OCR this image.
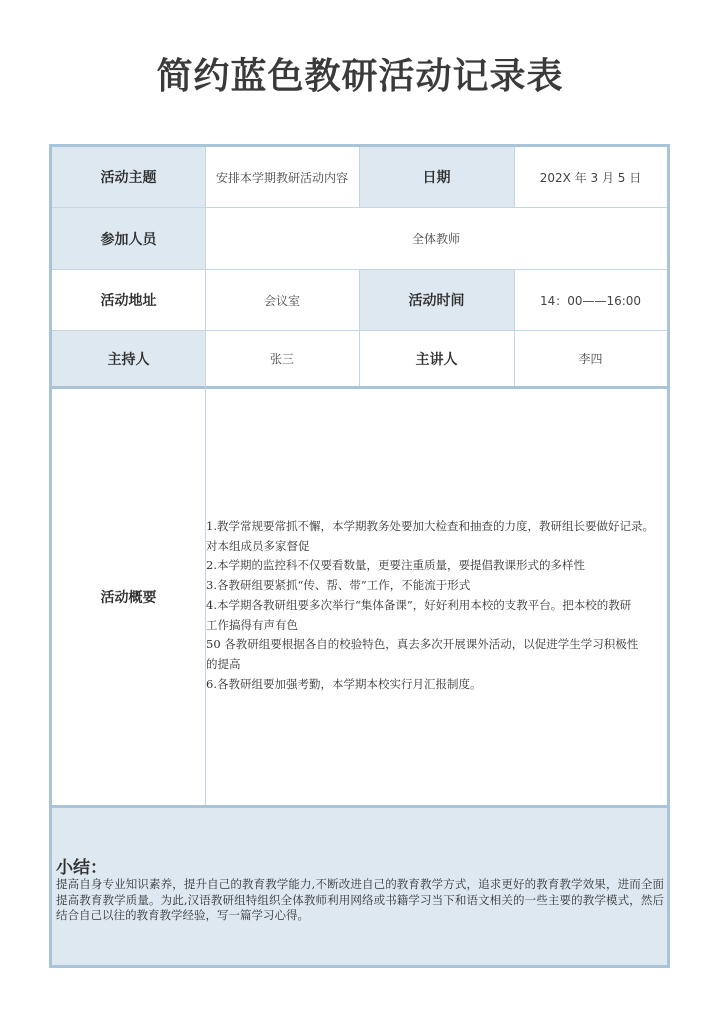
简约蓝色教研活动记录表
活动主题	安排本学期教研活动内容	日期	202X 年 3 月 5 日
参加人员	全体教师
活动地址	会议室	活动时间	14：00——16:00
主持人	张三	主讲人	李四
活动概要
1.教学常规要常抓不懈，本学期教务处要加大检查和抽查的力度，教研组长要做好记录。
对本组成员多家督促
2.本学期的监控科不仅要看数量，更要注重质量，要提倡教课形式的多样性
3.各教研组要紧抓“传、帮、带”工作，不能流于形式
4.本学期各教研组要多次举行“集体备课”，好好利用本校的支教平台。把本校的教研
工作搞得有声有色
50 各教研组要根据各自的校验特色，真去多次开展课外活动，以促进学生学习积极性
的提高
6.各教研组要加强考勤，本学期本校实行月汇报制度。
小结：
提高自身专业知识素养，提升自己的教育教学能力,不断改进自己的教育教学方式，追求更好的教育教学效果，进而全面提高教育教学质量。为此,汉语教研组特组织全体教师利用网络或书籍学习当下和语文相关的一些主要的教学模式，然后结合自己以往的教育教学经验，写一篇学习心得。
